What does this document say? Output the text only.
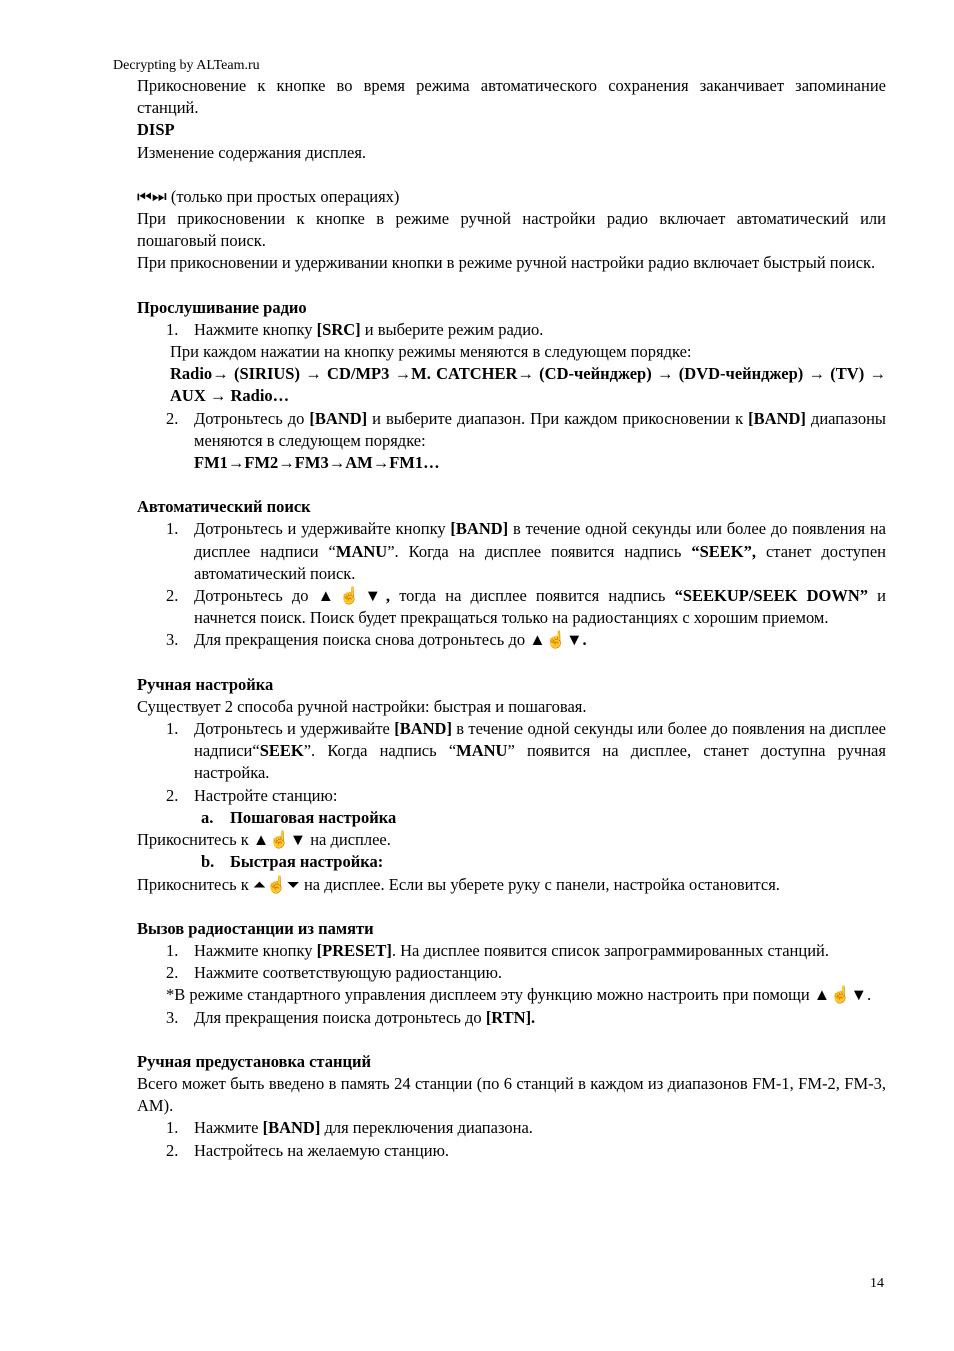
Decrypting by ALTeam.ru

Прикосновение к кнопке во время режима автоматического сохранения заканчивает запоминание станций.

DISP

Изменение содержания дисплея.

⏮⏭ (только при простых операциях)

При прикосновении к кнопке в режиме ручной настройки радио включает автоматический или пошаговый поиск.

При прикосновении и удерживании кнопки в режиме ручной настройки радио включает быстрый поиск.

Прослушивание радио

1. Нажмите кнопку [SRC] и выберите режим радио.

При каждом нажатии на кнопку режимы меняются в следующем порядке:

Radio→ (SIRIUS) → CD/MP3 →M. CATCHER→ (CD-чейнджер) → (DVD-чейнджер) → (TV) → AUX → Radio…

2. Дотроньтесь до [BAND] и выберите диапазон. При каждом прикосновении к [BAND] диапазоны меняются в следующем порядке:
FM1→FM2→FM3→AM→FM1…

Автоматический поиск

1. Дотроньтесь и удерживайте кнопку [BAND] в течение одной секунды или более до появления на дисплее надписи “MANU”. Когда на дисплее появится надпись “SEEK”, станет доступен автоматический поиск.
2. Дотроньтесь до ▲☝▼, тогда на дисплее появится надпись “SEEKUP/SEEK DOWN” и начнется поиск. Поиск будет прекращаться только на радиостанциях с хорошим приемом.
3. Для прекращения поиска снова дотроньтесь до ▲☝▼.

Ручная настройка

Существует 2 способа ручной настройки: быстрая и пошаговая.

1. Дотроньтесь и удерживайте [BAND] в течение одной секунды или более до появления на дисплее надписи“SEEK”. Когда надпись “MANU” появится на дисплее, станет доступна ручная настройка.
2. Настройте станцию:
a. Пошаговая настройка

Прикоснитесь к ▲☝▼ на дисплее.

b. Быстрая настройка:

Прикоснитесь к ⏶☝⏷ на дисплее. Если вы уберете руку с панели, настройка остановится.

Вызов радиостанции из памяти

1. Нажмите кнопку [PRESET]. На дисплее появится список запрограммированных станций.
2. Нажмите соответствующую радиостанцию.

*В режиме стандартного управления дисплеем эту функцию можно настроить при помощи ▲☝▼.

3. Для прекращения поиска дотроньтесь до [RTN].

Ручная предустановка станций

Всего может быть введено в память 24 станции (по 6 станций в каждом из диапазонов FM-1, FM-2, FM-3, AM).

1. Нажмите [BAND] для переключения диапазона.
2. Настройтесь на желаемую станцию.
14
